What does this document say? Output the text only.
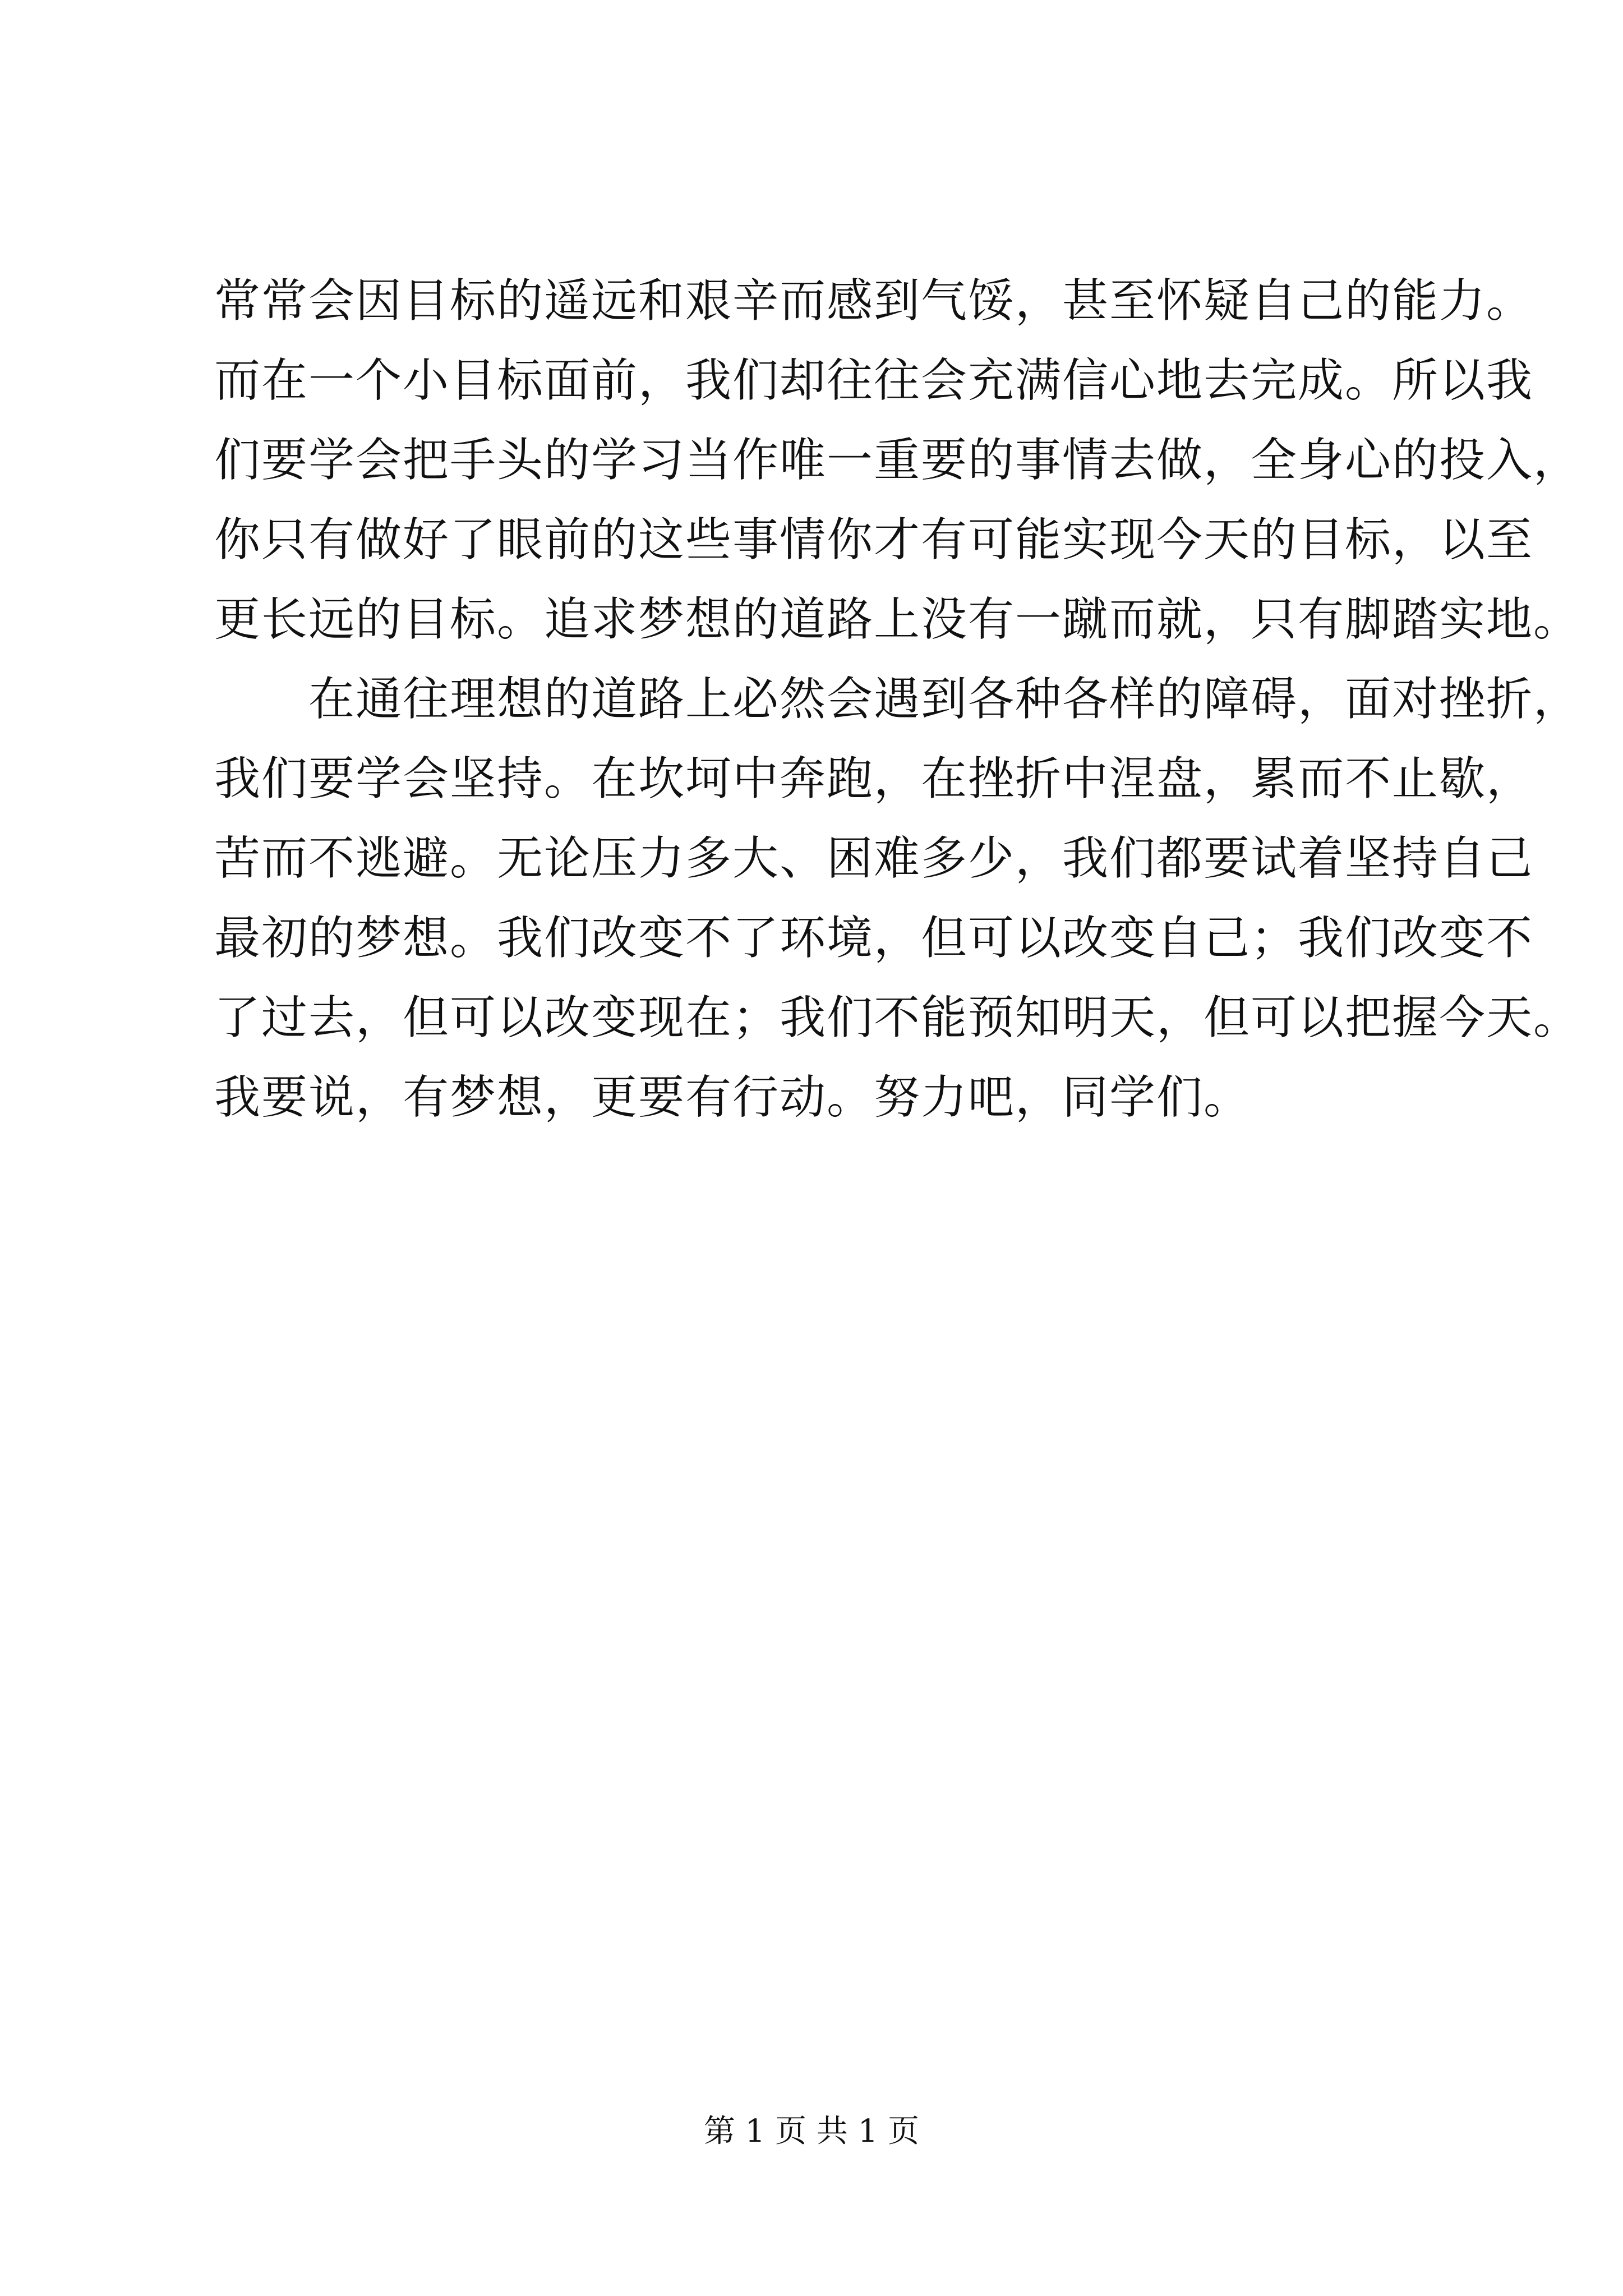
常常会因目标的遥远和艰辛而感到气馁，甚至怀疑自己的能力。
而在一个小目标面前，我们却往往会充满信心地去完成。所以我
们要学会把手头的学习当作唯一重要的事情去做，全身心的投入，
你只有做好了眼前的这些事情你才有可能实现今天的目标，以至
更长远的目标。追求梦想的道路上没有一蹴而就，只有脚踏实地。
在通往理想的道路上必然会遇到各种各样的障碍，面对挫折，
我们要学会坚持。在坎坷中奔跑，在挫折中涅盘，累而不止歇，
苦而不逃避。无论压力多大、困难多少，我们都要试着坚持自己
最初的梦想。我们改变不了环境，但可以改变自己；我们改变不
了过去，但可以改变现在；我们不能预知明天，但可以把握今天。
我要说，有梦想，更要有行动。努力吧，同学们。
第 1 页 共 1 页
